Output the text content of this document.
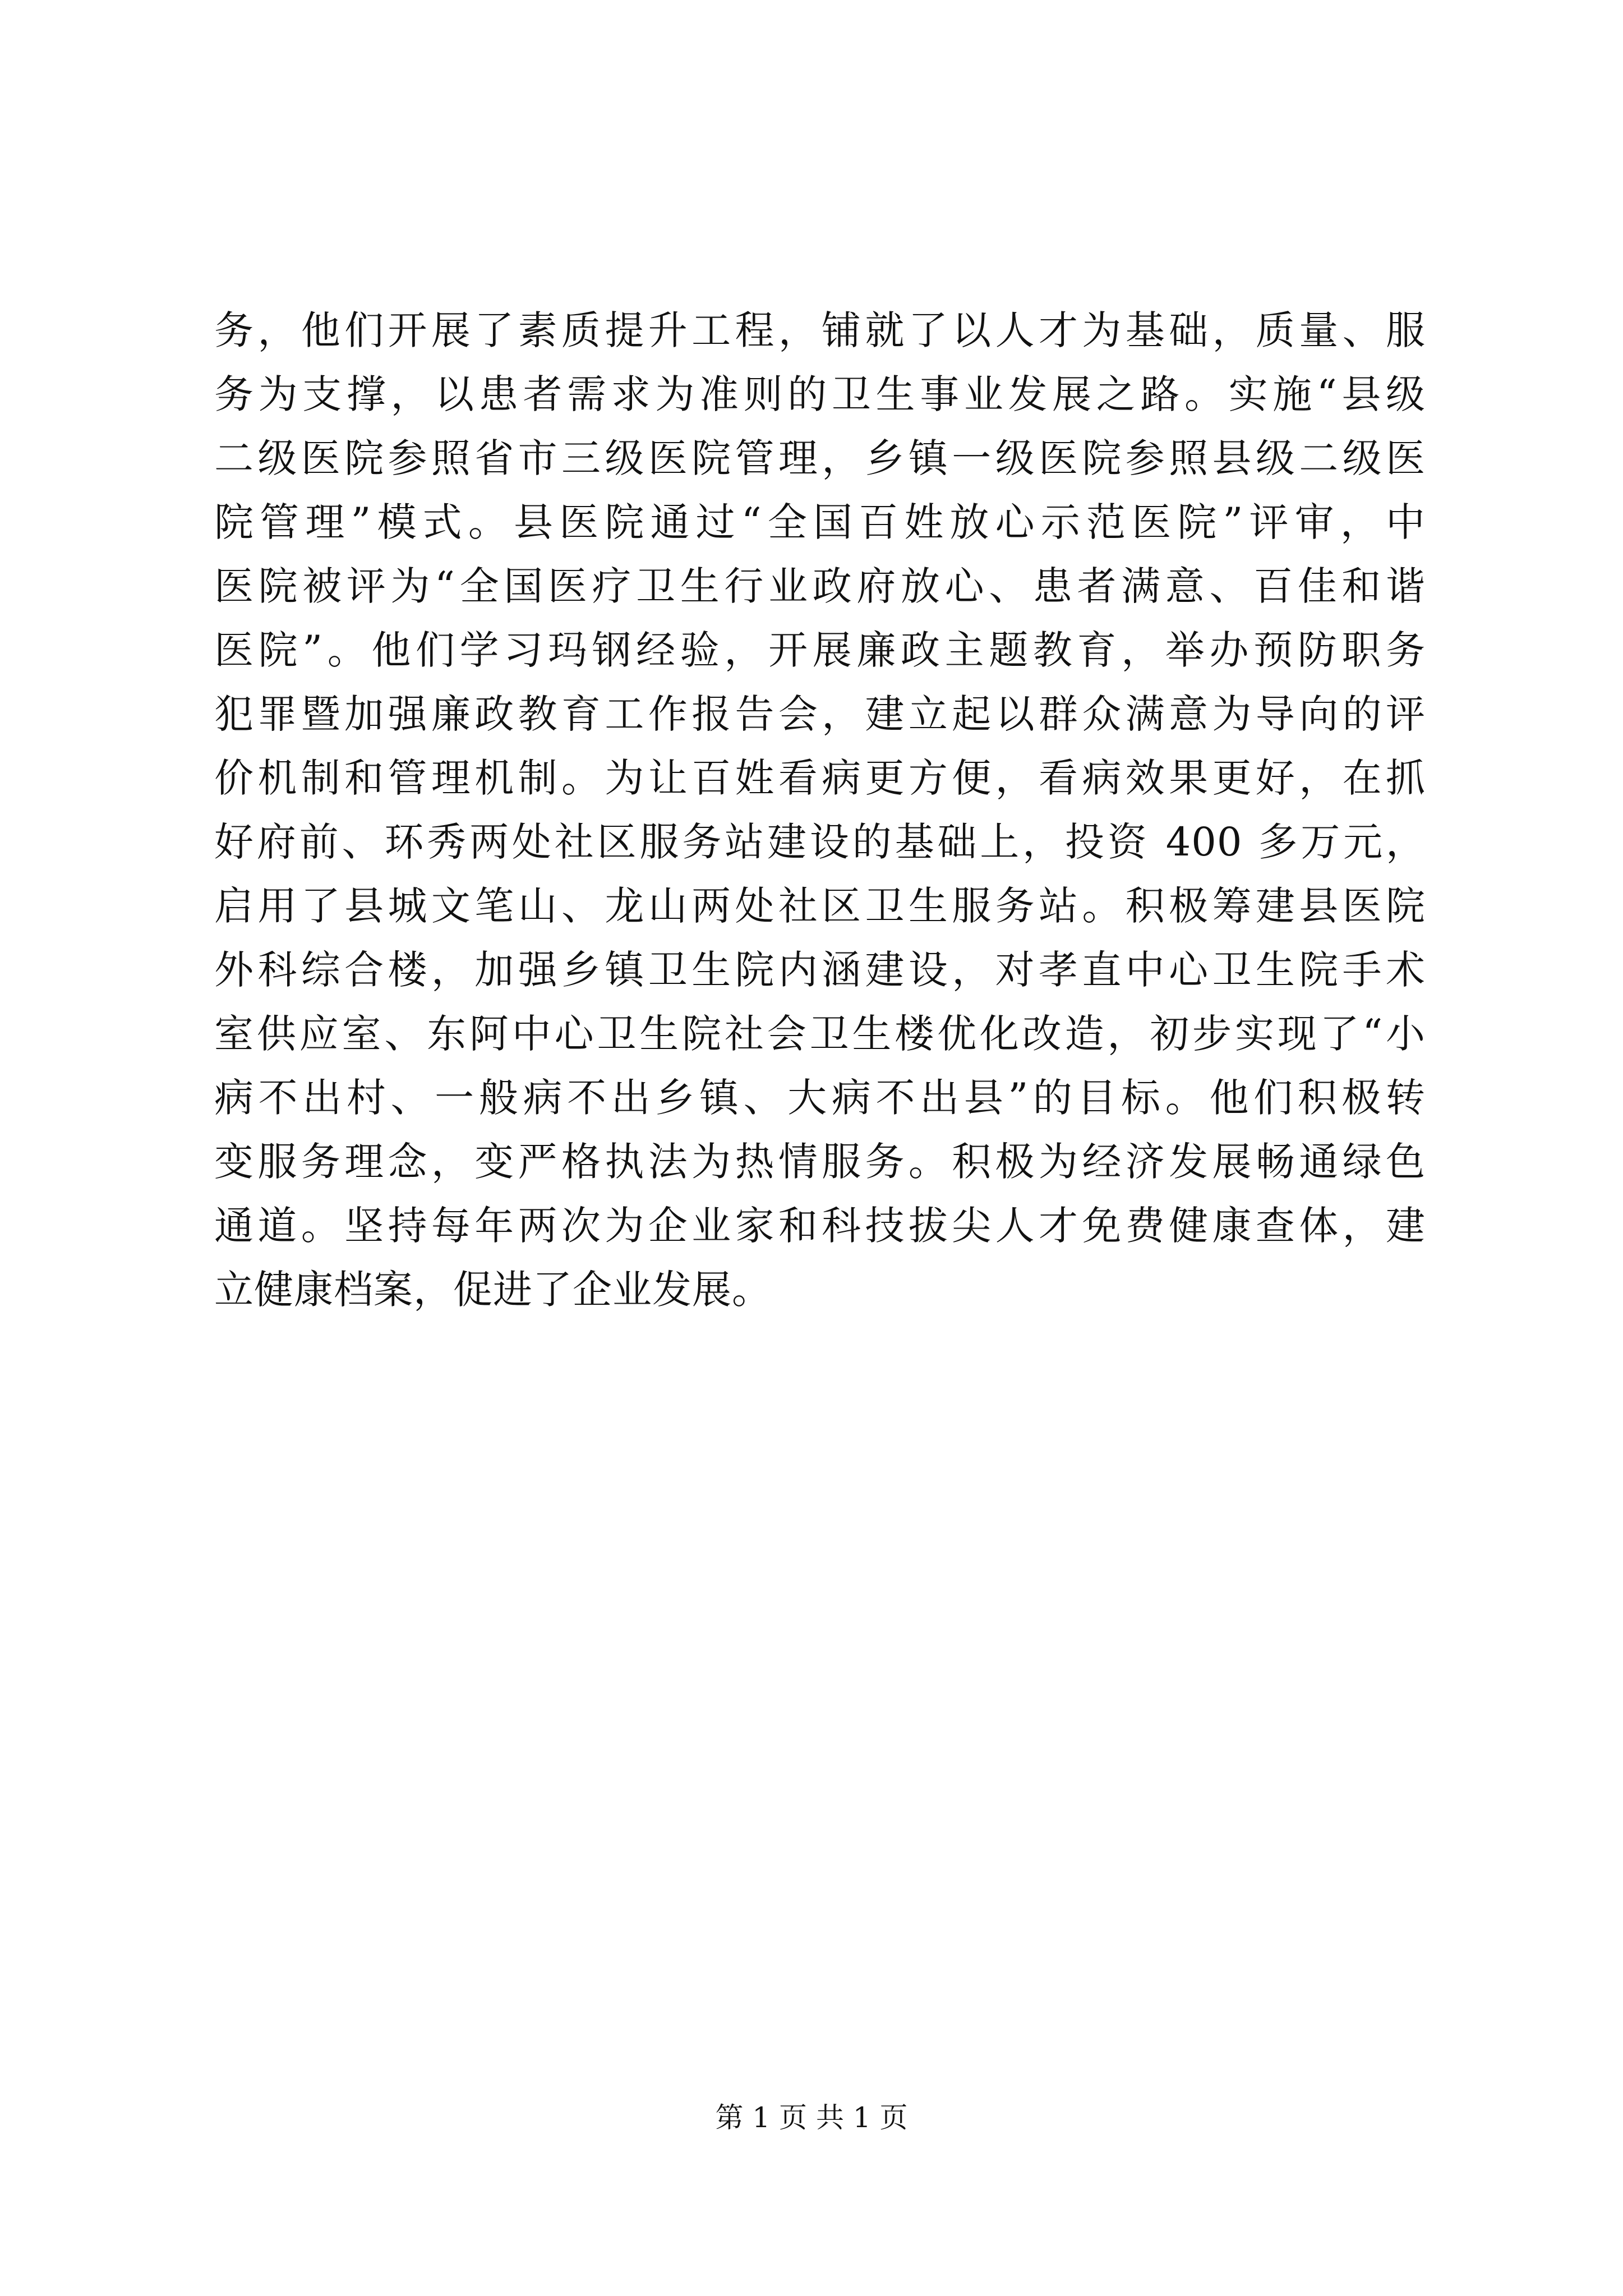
务，他们开展了素质提升工程，铺就了以人才为基础，质量、服
务为支撑，以患者需求为准则的卫生事业发展之路。实施“县级
二级医院参照省市三级医院管理，乡镇一级医院参照县级二级医
院管理”模式。县医院通过“全国百姓放心示范医院”评审，中
医院被评为“全国医疗卫生行业政府放心、患者满意、百佳和谐
医院”。他们学习玛钢经验，开展廉政主题教育，举办预防职务
犯罪暨加强廉政教育工作报告会，建立起以群众满意为导向的评
价机制和管理机制。为让百姓看病更方便，看病效果更好，在抓
好府前、环秀两处社区服务站建设的基础上，投资 400 多万元，
启用了县城文笔山、龙山两处社区卫生服务站。积极筹建县医院
外科综合楼，加强乡镇卫生院内涵建设，对孝直中心卫生院手术
室供应室、东阿中心卫生院社会卫生楼优化改造，初步实现了“小
病不出村、一般病不出乡镇、大病不出县”的目标。他们积极转
变服务理念，变严格执法为热情服务。积极为经济发展畅通绿色
通道。坚持每年两次为企业家和科技拔尖人才免费健康查体，建
立健康档案，促进了企业发展。
第 1 页 共 1 页
